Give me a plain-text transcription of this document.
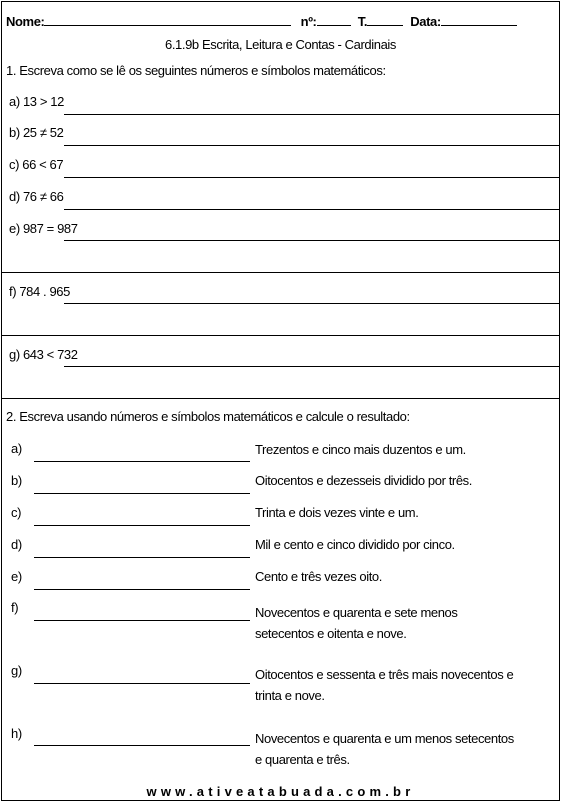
Nome:	nº:	T.	Data:
6.1.9b Escrita, Leitura e Contas - Cardinais
1. Escreva como se lê os seguintes números e símbolos matemáticos:
a) 13 > 12
b) 25 ≠ 52
c) 66 < 67
d) 76 ≠ 66
e) 987 = 987
f) 784 . 965
g) 643 < 732
2. Escreva usando números e símbolos matemáticos e calcule o resultado:
a)	Trezentos e cinco mais duzentos e um.
b)	Oitocentos e dezesseis dividido por três.
c)	Trinta e dois vezes vinte e um.
d)	Mil e cento e cinco dividido por cinco.
e)	Cento e três vezes oito.
f)	Novecentos e quarenta e sete menos
setecentos e oitenta e nove.
g)	Oitocentos e sessenta e três mais novecentos e
trinta e nove.
h)	Novecentos e quarenta e um menos setecentos
e quarenta e três.
www.ativeatabuada.com.br
